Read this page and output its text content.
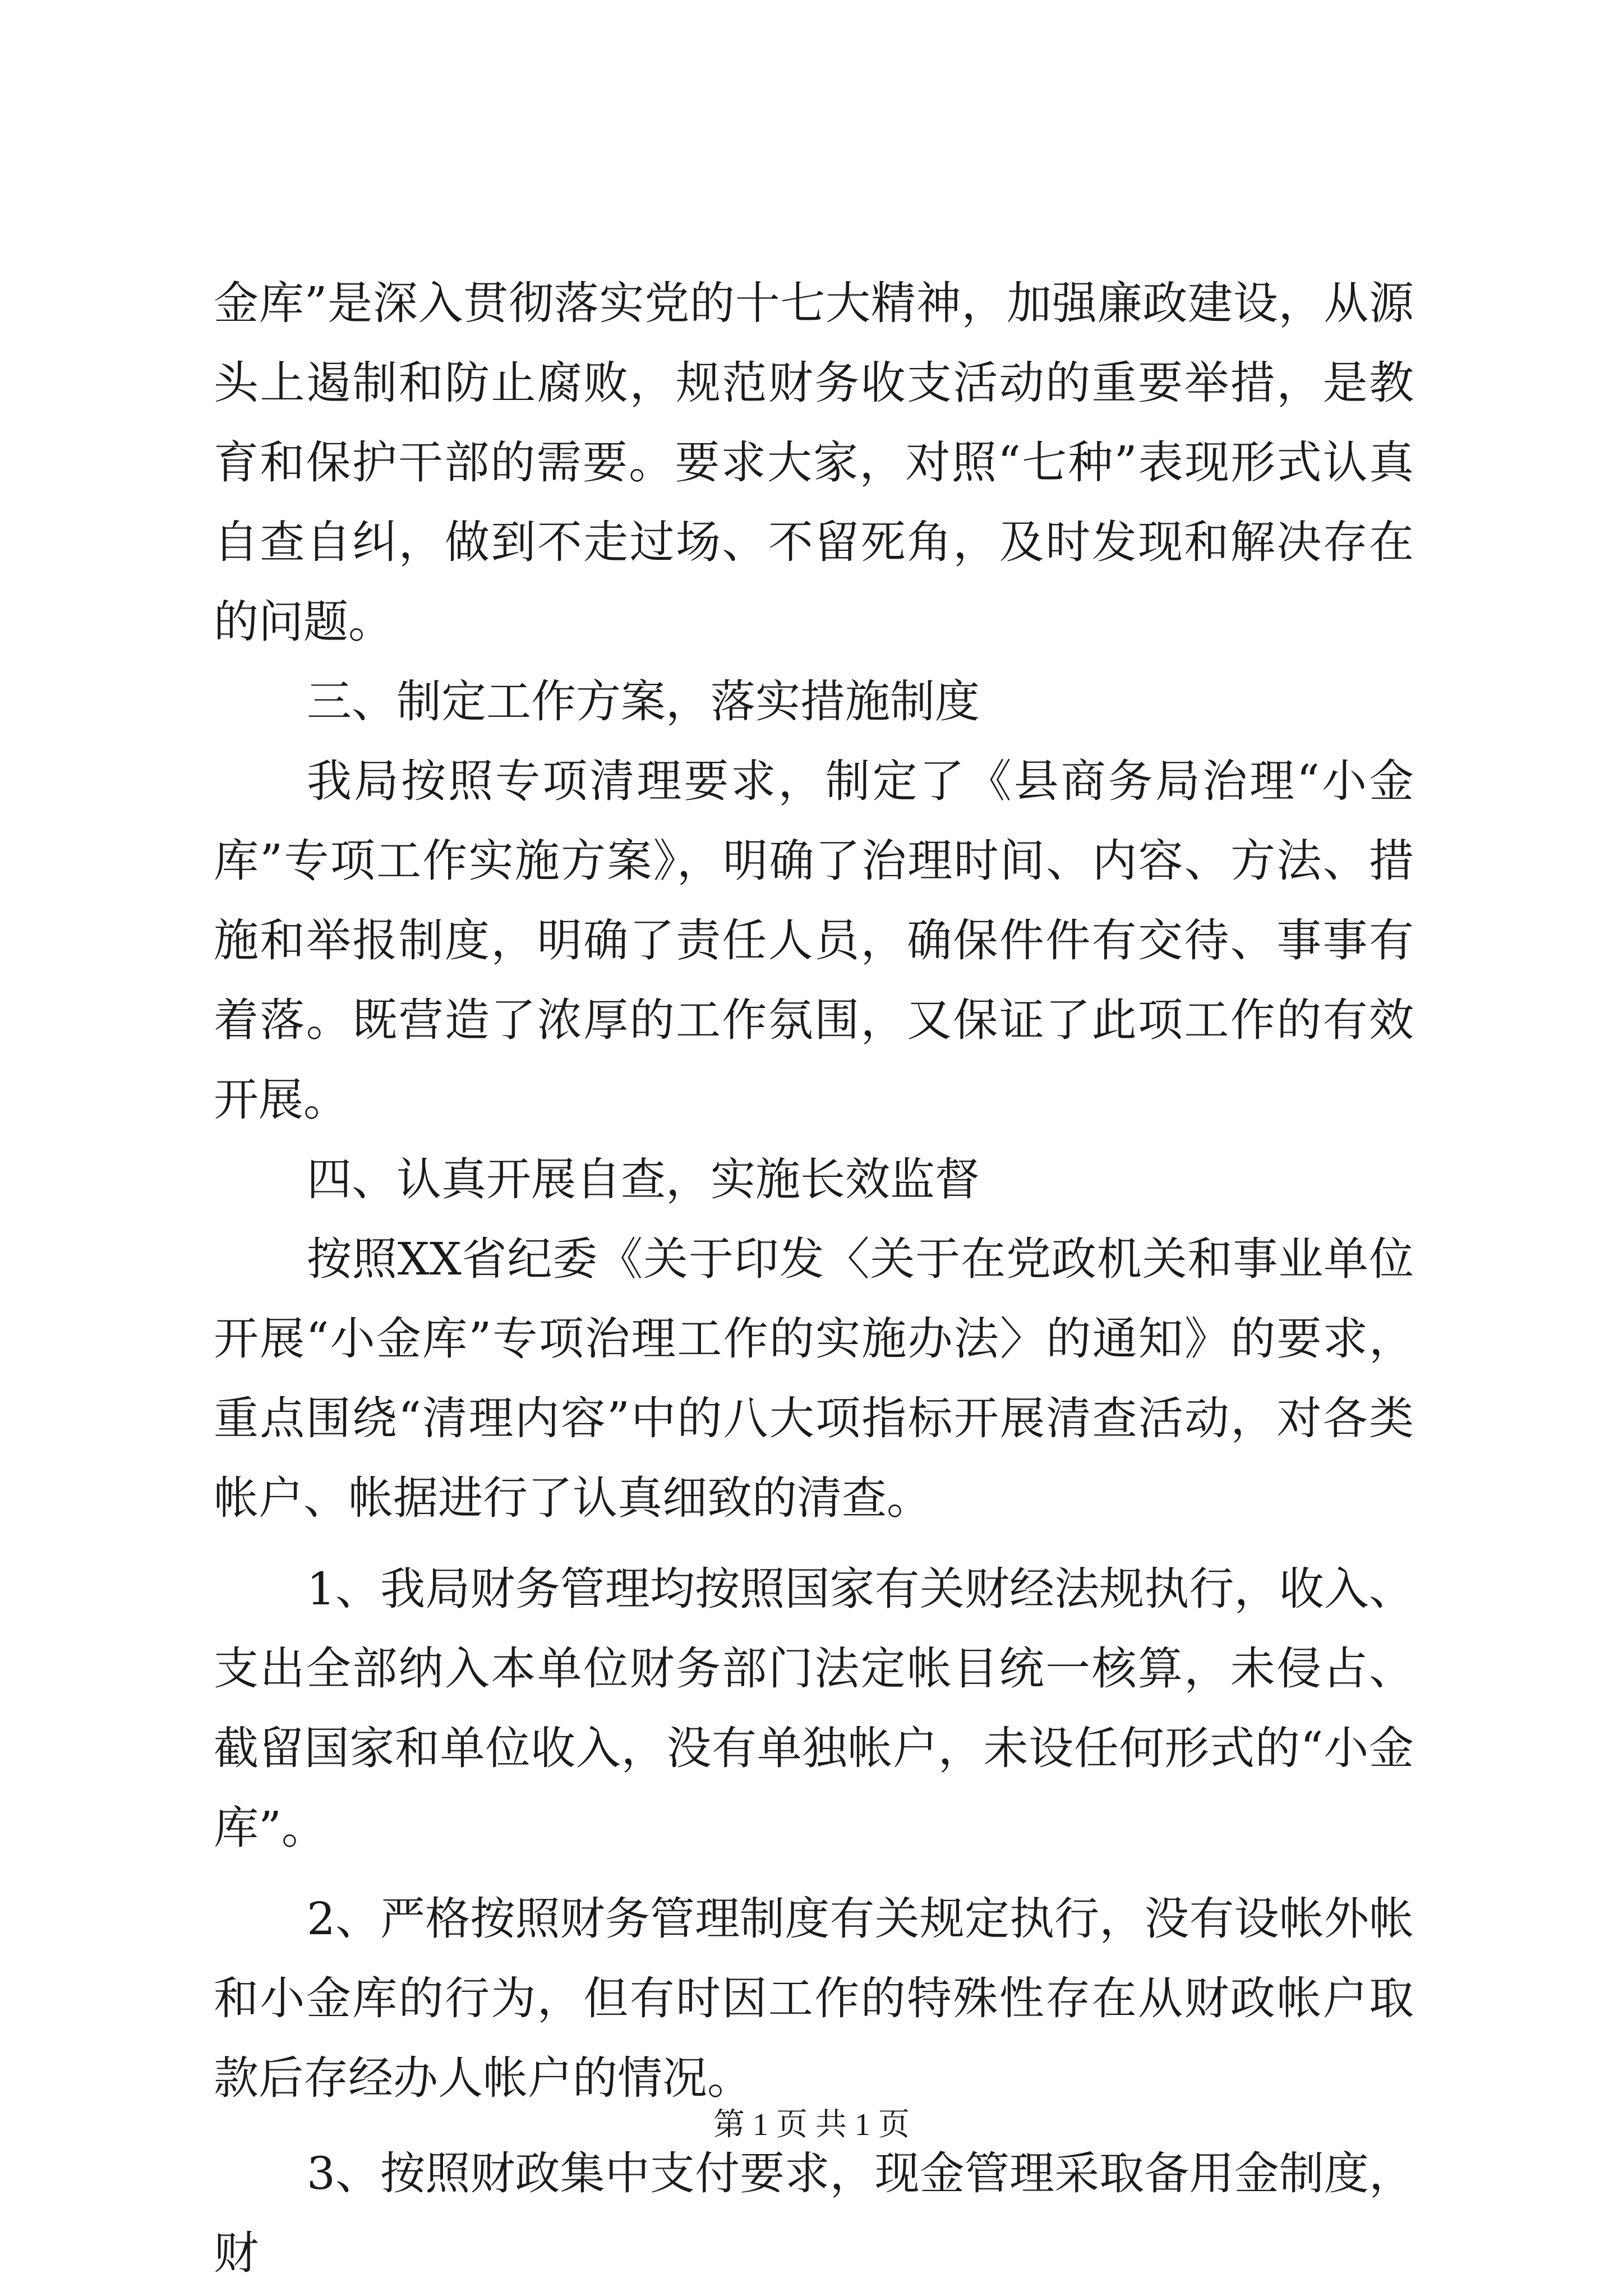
金库”是深入贯彻落实党的十七大精神，加强廉政建设，从源头上遏制和防止腐败，规范财务收支活动的重要举措，是教育和保护干部的需要。要求大家，对照“七种”表现形式认真自查自纠，做到不走过场、不留死角，及时发现和解决存在的问题。

三、制定工作方案，落实措施制度

我局按照专项清理要求，制定了《县商务局治理“小金库”专项工作实施方案》，明确了治理时间、内容、方法、措施和举报制度，明确了责任人员，确保件件有交待、事事有着落。既营造了浓厚的工作氛围，又保证了此项工作的有效开展。

四、认真开展自查，实施长效监督

按照XX省纪委《关于印发〈关于在党政机关和事业单位开展“小金库”专项治理工作的实施办法〉的通知》的要求，重点围绕“清理内容”中的八大项指标开展清查活动，对各类帐户、帐据进行了认真细致的清查。

1、我局财务管理均按照国家有关财经法规执行，收入、支出全部纳入本单位财务部门法定帐目统一核算，未侵占、截留国家和单位收入，没有单独帐户，未设任何形式的“小金库”。

2、严格按照财务管理制度有关规定执行，没有设帐外帐和小金库的行为，但有时因工作的特殊性存在从财政帐户取款后存经办人帐户的情况。

3、按照财政集中支付要求，现金管理采取备用金制度，财

第 1 页 共 1 页
